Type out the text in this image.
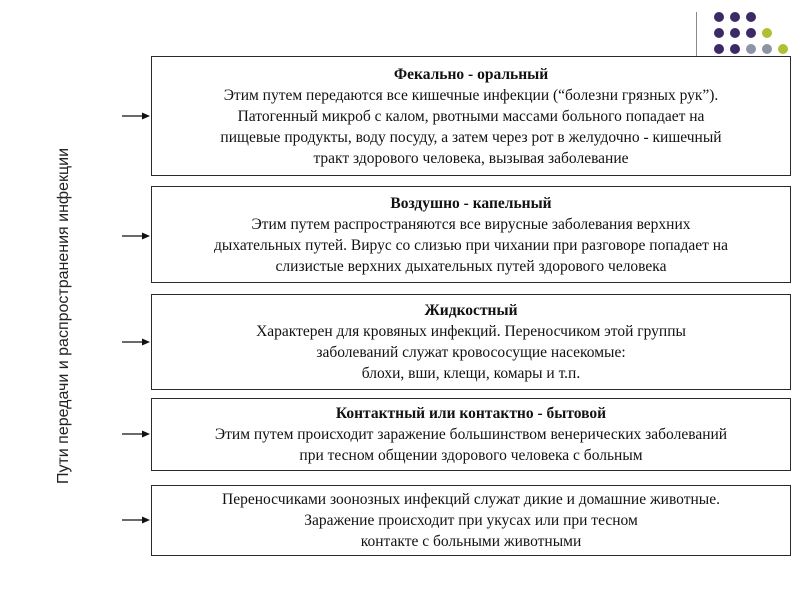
Пути передачи и распространения инфекции
Фекально - оральный
Этим путем передаются все кишечные инфекции (“болезни грязных рук”).
Патогенный микроб с калом, рвотными массами больного попадает на
пищевые продукты, воду посуду, а затем через рот в желудочно - кишечный
тракт здорового человека, вызывая заболевание
Воздушно - капельный
Этим путем распространяются все вирусные заболевания верхних
дыхательных путей. Вирус со слизью при чихании при разговоре попадает на
слизистые верхних дыхательных путей здорового человека
Жидкостный
Характерен для кровяных инфекций. Переносчиком этой группы
заболеваний служат кровососущие насекомые:
блохи, вши, клещи, комары и т.п.
Контактный или контактно - бытовой
Этим путем происходит заражение большинством венерических заболеваний
при тесном общении здорового человека с больным
Переносчиками зоонозных инфекций служат дикие и домашние животные.
Заражение происходит при укусах или при тесном
контакте с больными животными
